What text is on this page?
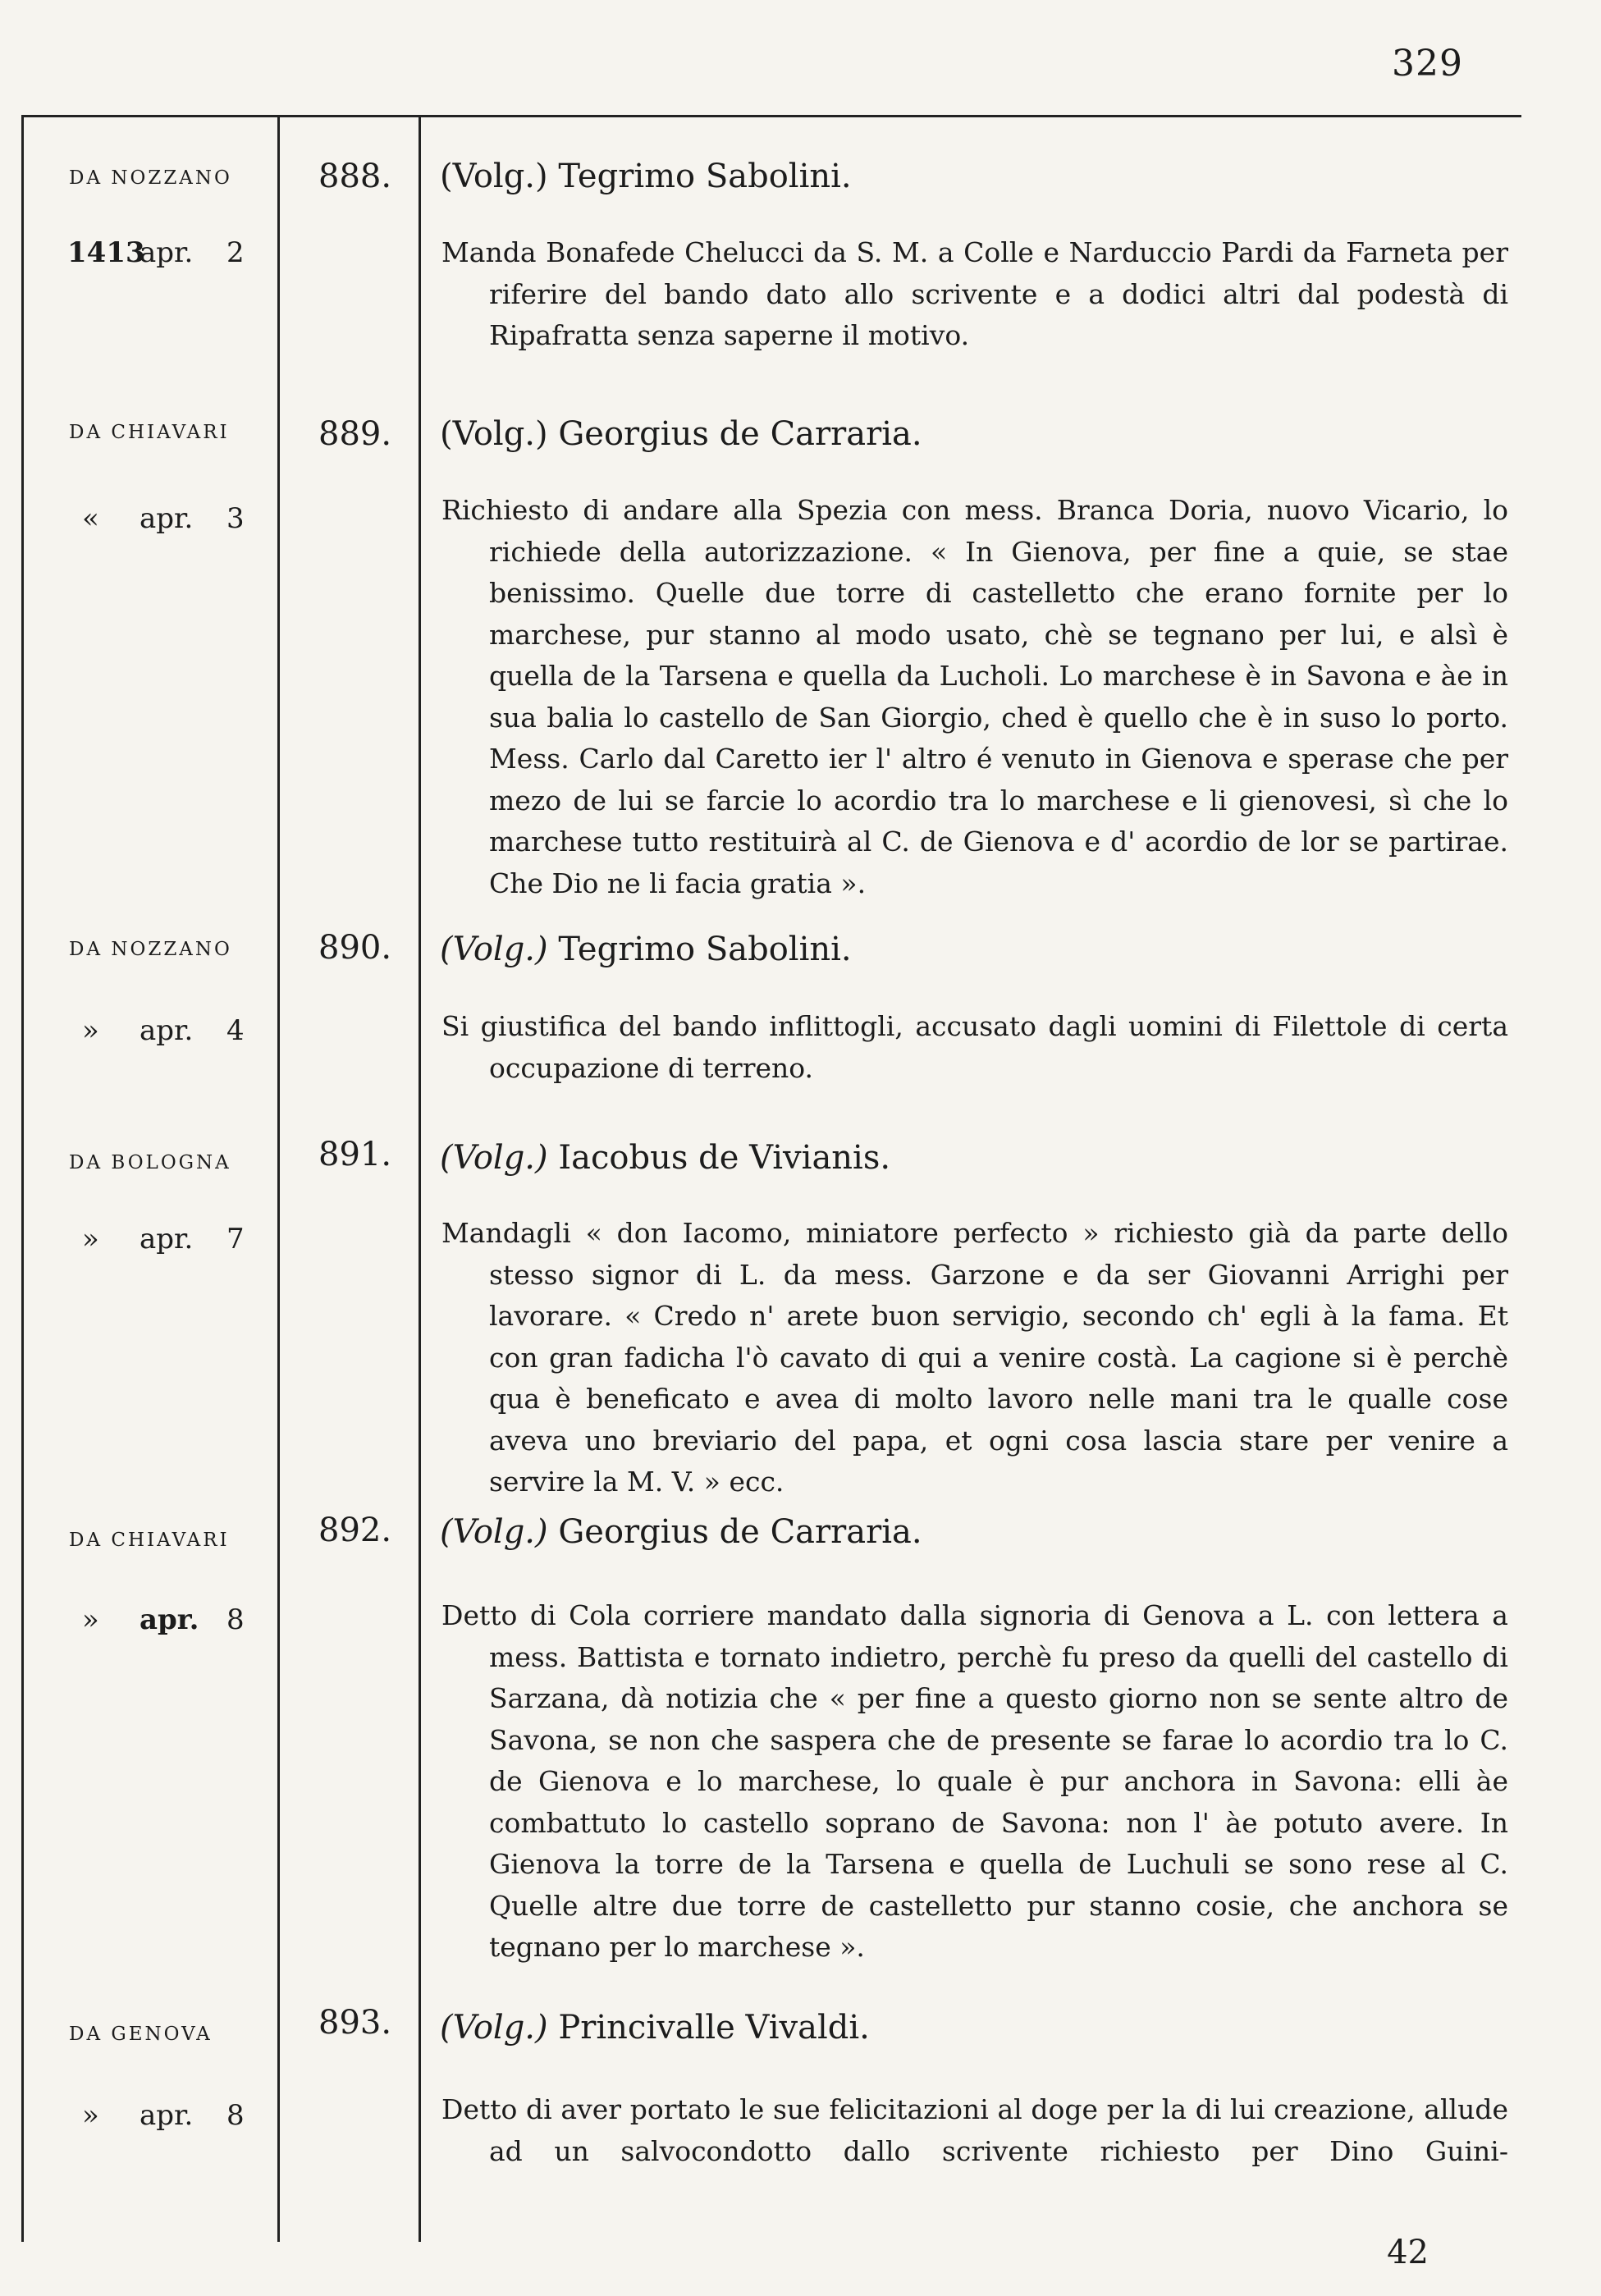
329
DA NOZZANO
1413
apr. 2
888. (Volg.) Tegrimo Sabolini.

Manda Bonafede Chelucci da S. M. a Colle e Narduccio Pardi da Farneta per riferire del bando dato allo scrivente e a dodici altri dal podestà di Ripafratta senza saperne il motivo.

DA CHIAVARI
« apr. 3
889. (Volg.) Georgius de Carraria.

Richiesto di andare alla Spezia con mess. Branca Doria, nuovo Vicario, lo richiede della autorizzazione. « In Gienova, per fine a quie, se stae benissimo. Quelle due torre di castelletto che erano fornite per lo marchese, pur stanno al modo usato, chè se tegnano per lui, e alsì è quella de la Tarsena e quella da Lucholi. Lo marchese è in Savona e àe in sua balia lo castello de San Giorgio, ched è quello che è in suso lo porto. Mess. Carlo dal Caretto ier l' altro é venuto in Gienova e sperase che per mezo de lui se farcie lo acordio tra lo marchese e li gienovesi, sì che lo marchese tutto restituirà al C. de Gienova e d' acordio de lor se partirae. Che Dio ne li facia gratia ».

DA NOZZANO
» apr. 4
890. (Volg.) Tegrimo Sabolini.

Si giustifica del bando inflittogli, accusato dagli uomini di Filettole di certa occupazione di terreno.

DA BOLOGNA
» apr. 7
891. (Volg.) Iacobus de Vivianis.

Mandagli « don Iacomo, miniatore perfecto » richiesto già da parte dello stesso signor di L. da mess. Garzone e da ser Giovanni Arrighi per lavorare. « Credo n' arete buon servigio, secondo ch' egli à la fama. Et con gran fadicha l'ò cavato di qui a venire costà. La cagione si è perchè qua è beneficato e avea di molto lavoro nelle mani tra le qualle cose aveva uno breviario del papa, et ogni cosa lascia stare per venire a servire la M. V. » ecc.

DA CHIAVARI
» apr. 8
892. (Volg.) Georgius de Carraria.

Detto di Cola corriere mandato dalla signoria di Genova a L. con lettera a mess. Battista e tornato indietro, perchè fu preso da quelli del castello di Sarzana, dà notizia che « per fine a questo giorno non se sente altro de Savona, se non che saspera che de presente se farae lo acordio tra lo C. de Gienova e lo marchese, lo quale è pur anchora in Savona: elli àe combattuto lo castello soprano de Savona: non l' àe potuto avere. In Gienova la torre de la Tarsena e quella de Luchuli se sono rese al C. Quelle altre due torre de castelletto pur stanno cosie, che anchora se tegnano per lo marchese ».

DA GENOVA
» apr. 8
893. (Volg.) Princivalle Vivaldi.

Detto di aver portato le sue felicitazioni al doge per la di lui creazione, allude ad un salvocondotto dallo scrivente richiesto per Dino Guini-

42
